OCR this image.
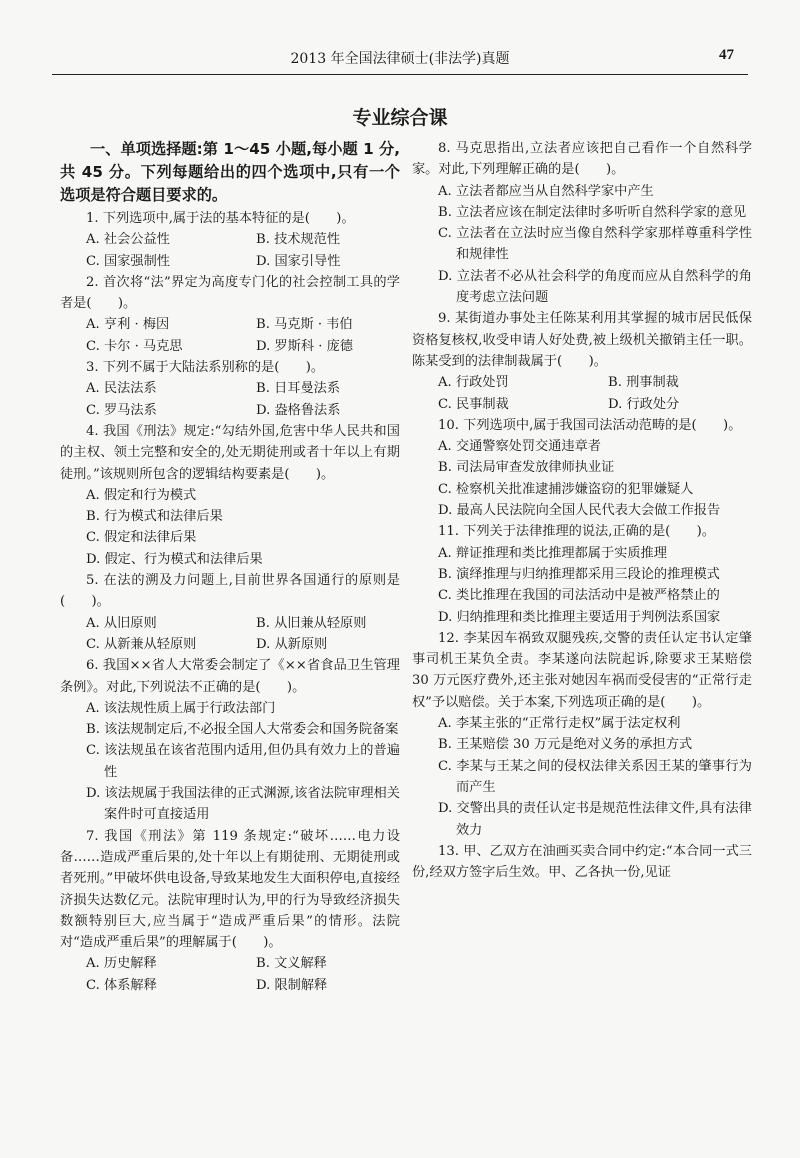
2013 年全国法律硕士(非法学)真题	47
专业综合课

一、单项选择题:第 1～45 小题,每小题 1 分,共 45 分。下列每题给出的四个选项中,只有一个选项是符合题目要求的。

1. 下列选项中,属于法的基本特征的是(　　)。

A. 社会公益性	B. 技术规范性
C. 国家强制性	D. 国家引导性

2. 首次将“法”界定为高度专门化的社会控制工具的学者是(　　)。

A. 亨利 · 梅因	B. 马克斯 · 韦伯
C. 卡尔 · 马克思	D. 罗斯科 · 庞德

3. 下列不属于大陆法系别称的是(　　)。

A. 民法法系	B. 日耳曼法系
C. 罗马法系	D. 盎格鲁法系

4. 我国《刑法》规定:“勾结外国,危害中华人民共和国的主权、领土完整和安全的,处无期徒刑或者十年以上有期徒刑。”该规则所包含的逻辑结构要素是(　　)。

A. 假定和行为模式
B. 行为模式和法律后果
C. 假定和法律后果
D. 假定、行为模式和法律后果

5. 在法的溯及力问题上,目前世界各国通行的原则是(　　)。

A. 从旧原则	B. 从旧兼从轻原则
C. 从新兼从轻原则	D. 从新原则

6. 我国××省人大常委会制定了《××省食品卫生管理条例》。对此,下列说法不正确的是(　　)。

A. 该法规性质上属于行政法部门
B. 该法规制定后,不必报全国人大常委会和国务院备案
C. 该法规虽在该省范围内适用,但仍具有效力上的普遍性
D. 该法规属于我国法律的正式渊源,该省法院审理相关案件时可直接适用

7. 我国《刑法》第 119 条规定:“破坏……电力设备……造成严重后果的,处十年以上有期徒刑、无期徒刑或者死刑。”甲破坏供电设备,导致某地发生大面积停电,直接经济损失达数亿元。法院审理时认为,甲的行为导致经济损失数额特别巨大,应当属于“造成严重后果”的情形。法院对“造成严重后果”的理解属于(　　)。

A. 历史解释	B. 文义解释
C. 体系解释	D. 限制解释

8. 马克思指出,立法者应该把自己看作一个自然科学家。对此,下列理解正确的是(　　)。

A. 立法者都应当从自然科学家中产生
B. 立法者应该在制定法律时多听听自然科学家的意见
C. 立法者在立法时应当像自然科学家那样尊重科学性和规律性
D. 立法者不必从社会科学的角度而应从自然科学的角度考虑立法问题

9. 某街道办事处主任陈某利用其掌握的城市居民低保资格复核权,收受申请人好处费,被上级机关撤销主任一职。陈某受到的法律制裁属于(　　)。

A. 行政处罚	B. 刑事制裁
C. 民事制裁	D. 行政处分

10. 下列选项中,属于我国司法活动范畴的是(　　)。

A. 交通警察处罚交通违章者
B. 司法局审查发放律师执业证
C. 检察机关批准逮捕涉嫌盗窃的犯罪嫌疑人
D. 最高人民法院向全国人民代表大会做工作报告

11. 下列关于法律推理的说法,正确的是(　　)。

A. 辩证推理和类比推理都属于实质推理
B. 演绎推理与归纳推理都采用三段论的推理模式
C. 类比推理在我国的司法活动中是被严格禁止的
D. 归纳推理和类比推理主要适用于判例法系国家

12. 李某因车祸致双腿残疾,交警的责任认定书认定肇事司机王某负全责。李某遂向法院起诉,除要求王某赔偿 30 万元医疗费外,还主张对她因车祸而受侵害的“正常行走权”予以赔偿。关于本案,下列选项正确的是(　　)。

A. 李某主张的“正常行走权”属于法定权利
B. 王某赔偿 30 万元是绝对义务的承担方式
C. 李某与王某之间的侵权法律关系因王某的肇事行为而产生
D. 交警出具的责任认定书是规范性法律文件,具有法律效力

13. 甲、乙双方在油画买卖合同中约定:“本合同一式三份,经双方签字后生效。甲、乙各执一份,见证
